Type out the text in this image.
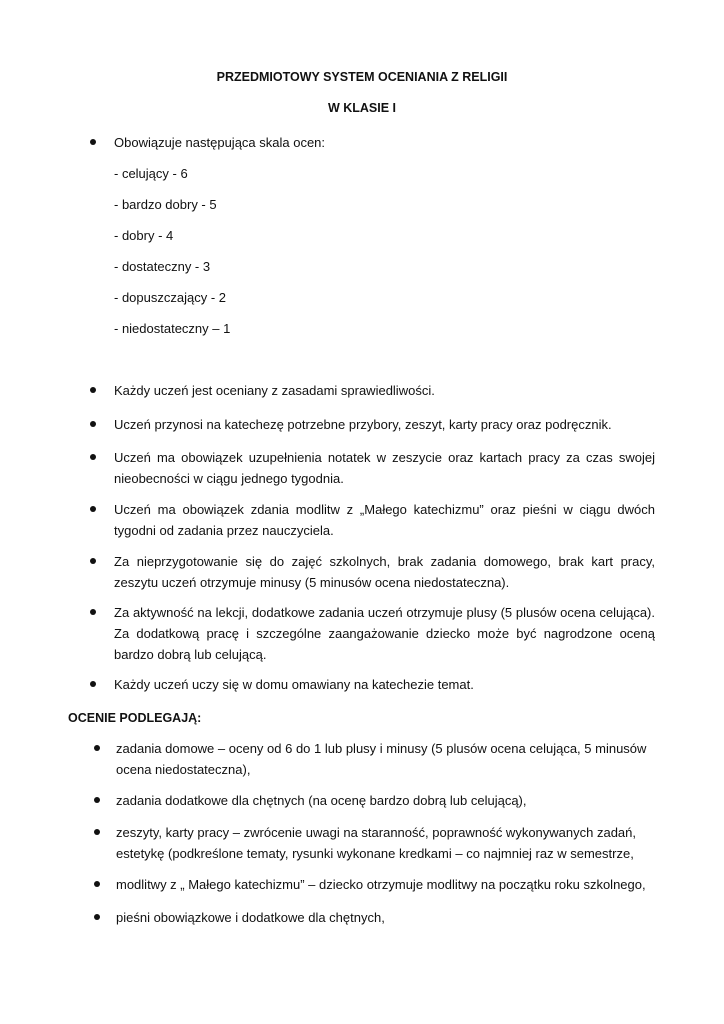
PRZEDMIOTOWY SYSTEM OCENIANIA Z RELIGII
W KLASIE I
Obowiązuje następująca skala ocen:
- celujący - 6
- bardzo dobry - 5
- dobry - 4
- dostateczny - 3
- dopuszczający - 2
- niedostateczny – 1
Każdy uczeń jest oceniany z zasadami sprawiedliwości.
Uczeń przynosi na katechezę potrzebne przybory, zeszyt, karty pracy oraz podręcznik.
Uczeń ma obowiązek uzupełnienia notatek w zeszycie oraz kartach pracy za czas swojej nieobecności w ciągu jednego tygodnia.
Uczeń ma obowiązek zdania modlitw z „Małego katechizmu” oraz pieśni w ciągu dwóch tygodni od zadania przez nauczyciela.
Za nieprzygotowanie się do zajęć szkolnych, brak zadania domowego, brak kart pracy, zeszytu uczeń otrzymuje minusy (5 minusów ocena niedostateczna).
Za aktywność na lekcji, dodatkowe zadania uczeń otrzymuje plusy (5 plusów ocena celująca). Za dodatkową pracę i szczególne zaangażowanie dziecko może być nagrodzone oceną bardzo dobrą lub celującą.
Każdy uczeń uczy się w domu omawiany na katechezie temat.
OCENIE PODLEGAJĄ:
zadania domowe – oceny od 6 do 1 lub plusy i minusy (5 plusów ocena celująca, 5 minusów ocena niedostateczna),
zadania dodatkowe dla chętnych (na ocenę bardzo dobrą lub celującą),
zeszyty, karty pracy – zwrócenie uwagi na staranność, poprawność wykonywanych zadań, estetykę (podkreślone tematy, rysunki wykonane kredkami – co najmniej raz w semestrze,
modlitwy z „ Małego katechizmu” – dziecko otrzymuje modlitwy na początku roku szkolnego,
pieśni obowiązkowe i dodatkowe dla chętnych,
